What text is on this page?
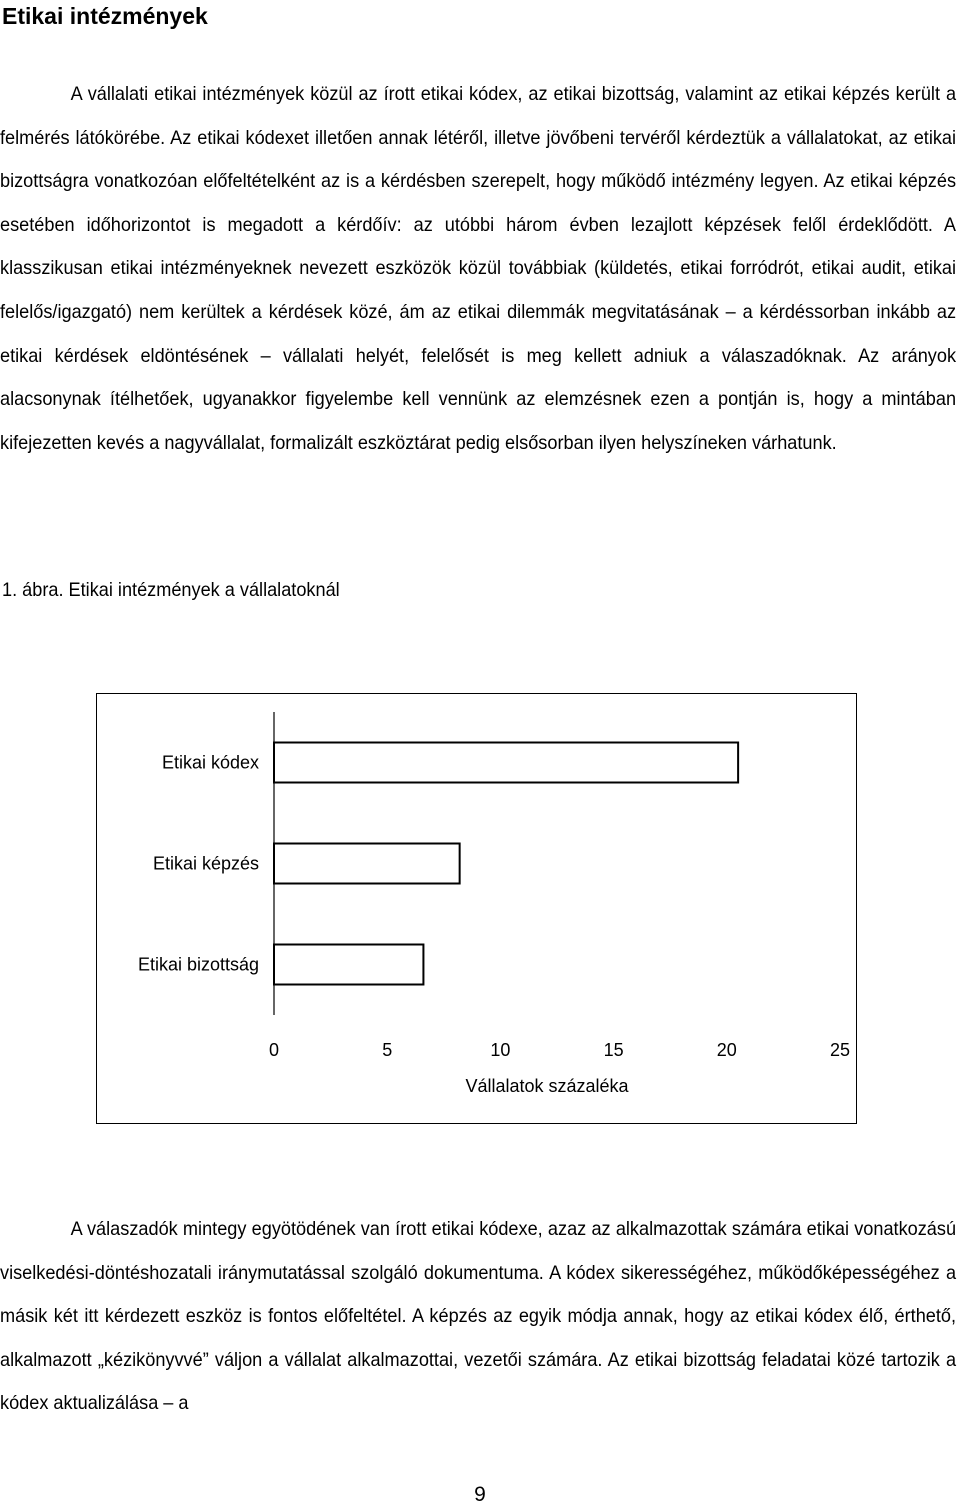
Etikai intézmények

A vállalati etikai intézmények közül az írott etikai kódex, az etikai bizottság, valamint az etikai képzés került a felmérés látókörébe. Az etikai kódexet illetően annak létéről, illetve jövőbeni tervéről kérdeztük a vállalatokat, az etikai bizottságra vonatkozóan előfeltételként az is a kérdésben szerepelt, hogy működő intézmény legyen. Az etikai képzés esetében időhorizontot is megadott a kérdőív: az utóbbi három évben lezajlott képzések felől érdeklődött. A klasszikusan etikai intézményeknek nevezett eszközök közül továbbiak (küldetés, etikai forródrót, etikai audit, etikai felelős/igazgató) nem kerültek a kérdések közé, ám az etikai dilemmák megvitatásának – a kérdéssorban inkább az etikai kérdések eldöntésének – vállalati helyét, felelősét is meg kellett adniuk a válaszadóknak. Az arányok alacsonynak ítélhetőek, ugyanakkor figyelembe kell vennünk az elemzésnek ezen a pontján is, hogy a mintában kifejezetten kevés a nagyvállalat, formalizált eszköztárat pedig elsősorban ilyen helyszíneken várhatunk.

1. ábra. Etikai intézmények a vállalatoknál
Etikai kódex
Etikai képzés
Etikai bizottság
0	5	10	15	20	25
Vállalatok százaléka

A válaszadók mintegy egyötödének van írott etikai kódexe, azaz az alkalmazottak számára etikai vonatkozású viselkedési-döntéshozatali iránymutatással szolgáló dokumentuma. A kódex sikerességéhez, működőképességéhez a másik két itt kérdezett eszköz is fontos előfeltétel. A képzés az egyik módja annak, hogy az etikai kódex élő, érthető, alkalmazott „kézikönyvvé” váljon a vállalat alkalmazottai, vezetői számára. Az etikai bizottság feladatai közé tartozik a kódex aktualizálása – a

9
